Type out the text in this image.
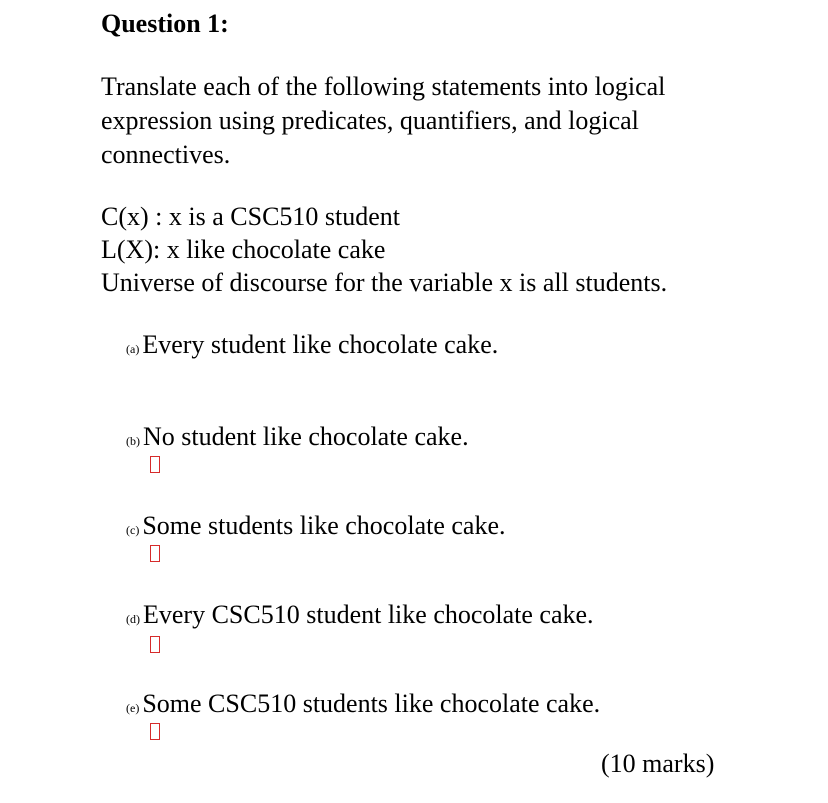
Question 1:
Translate each of the following statements into logical
expression using predicates, quantifiers, and logical
connectives.
C(x) : x is a CSC510 student
L(X): x like chocolate cake
Universe of discourse for the variable x is all students.
(a) Every student like chocolate cake.
(b) No student like chocolate cake.
(c) Some students like chocolate cake.
(d) Every CSC510 student like chocolate cake.
(e) Some CSC510 students like chocolate cake.
(10 marks)
